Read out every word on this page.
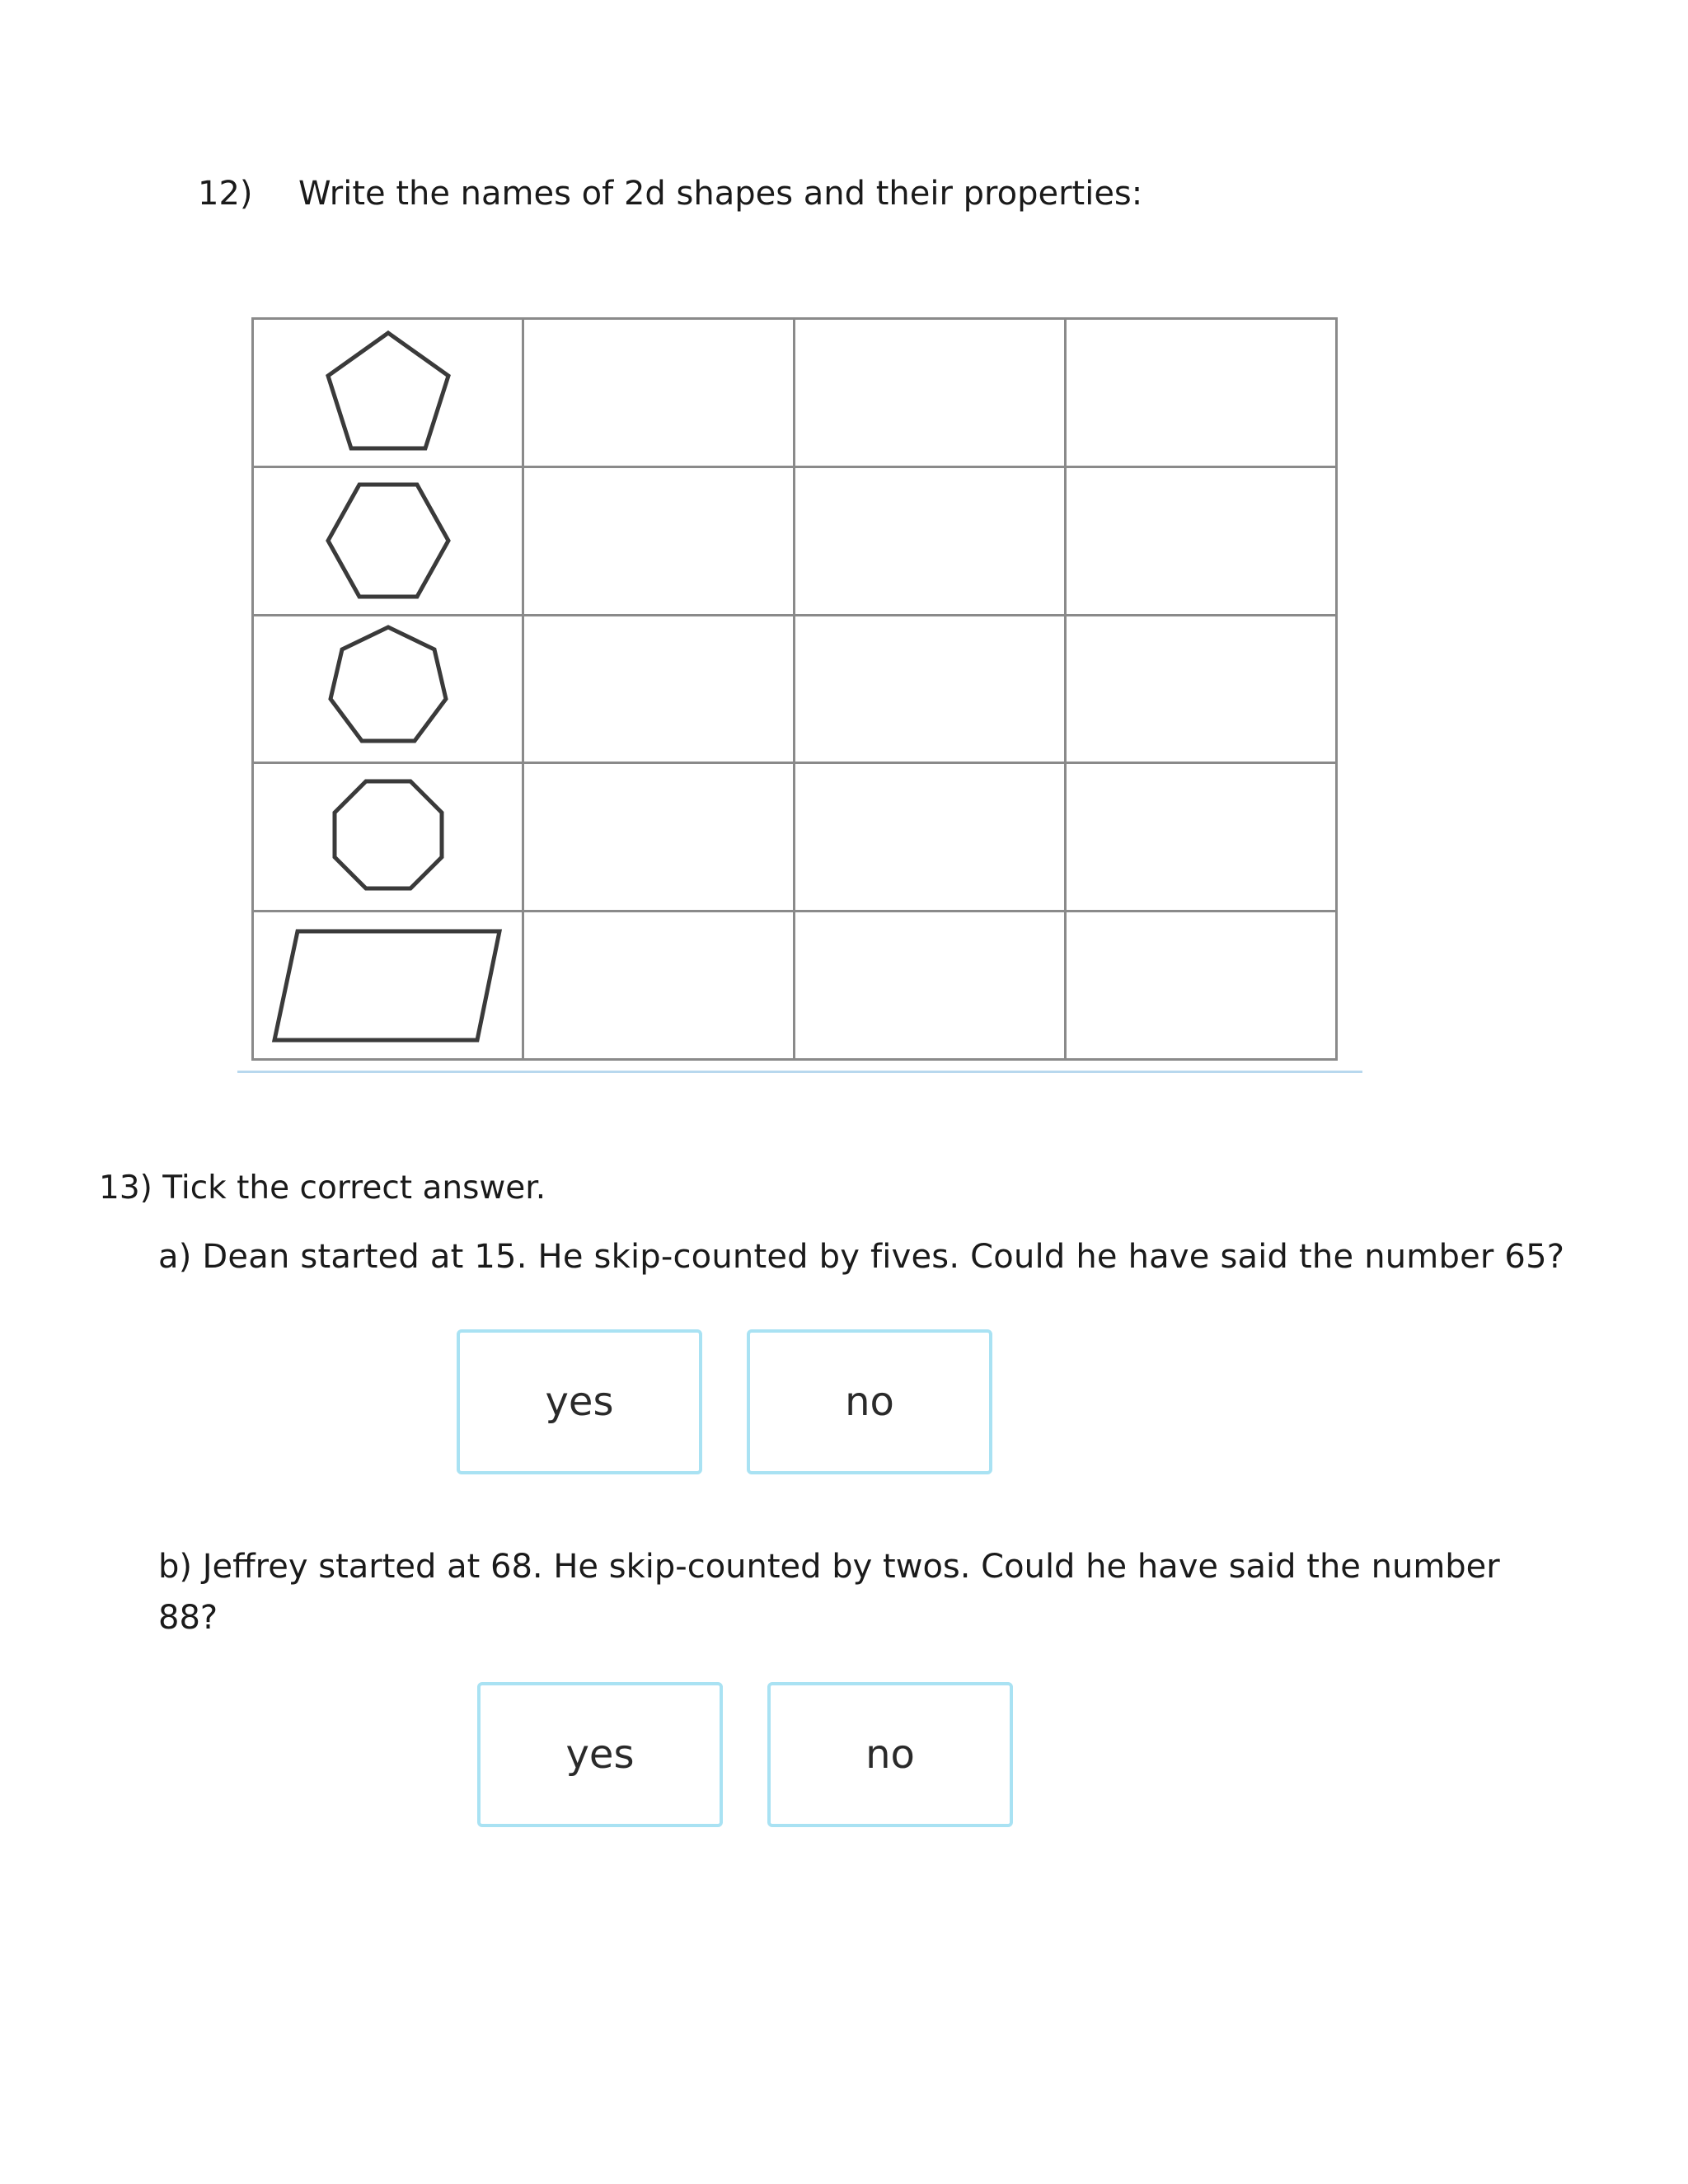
12) Write the names of 2d shapes and their properties:

13) Tick the correct answer.
a) Dean started at 15. He skip-counted by fives. Could he have said the number 65?
yes	no
b) Jeffrey started at 68. He skip-counted by twos. Could he have said the number 88?
yes	no
